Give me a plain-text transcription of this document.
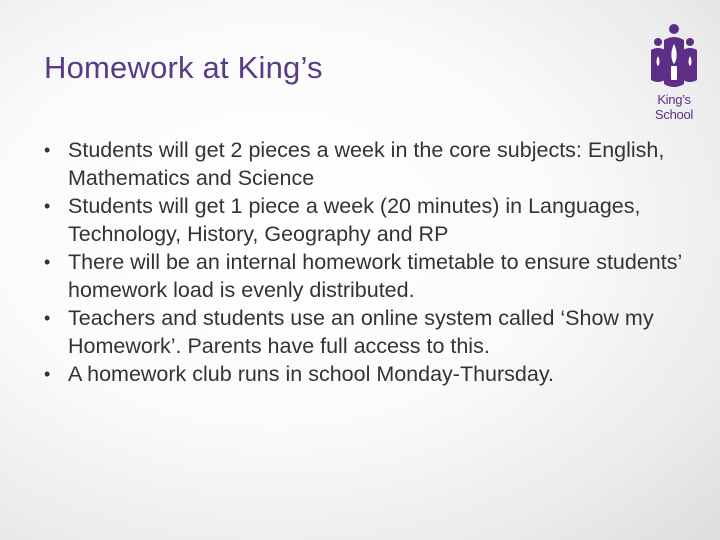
Homework at King’s
King’s
School
• Students will get 2 pieces a week in the core subjects: English, Mathematics and Science
• Students will get 1 piece a week (20 minutes) in Languages, Technology, History, Geography and RP
• There will be an internal homework timetable to ensure students’ homework load is evenly distributed.
• Teachers and students use an online system called ‘Show my Homework’. Parents have full access to this.
• A homework club runs in school Monday-Thursday.
